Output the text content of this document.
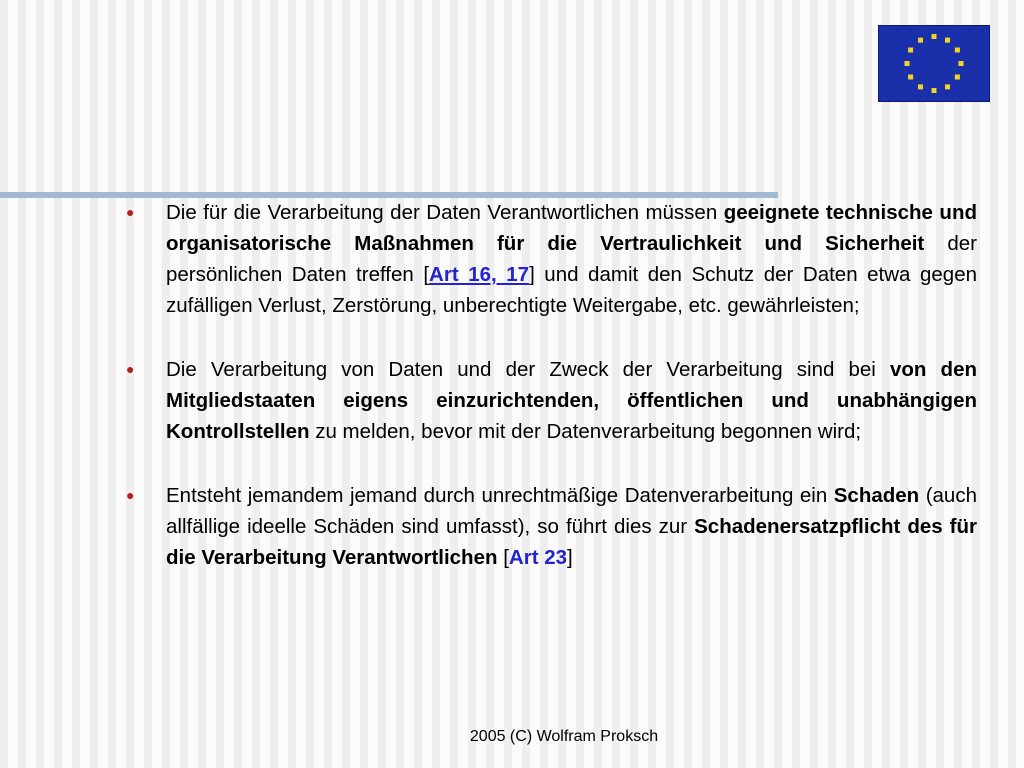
● Die für die Verarbeitung der Daten Verantwortlichen müssen geeignete technische und organisatorische Maßnahmen für die Vertraulichkeit und Sicherheit der persönlichen Daten treffen [Art 16, 17] und damit den Schutz der Daten etwa gegen zufälligen Verlust, Zerstörung, unberechtigte Weitergabe, etc. gewährleisten;
● Die Verarbeitung von Daten und der Zweck der Verarbeitung sind bei von den Mitgliedstaaten eigens einzurichtenden, öffentlichen und unabhängigen Kontrollstellen zu melden, bevor mit der Datenverarbeitung begonnen wird;
● Entsteht jemandem jemand durch unrechtmäßige Datenverarbeitung ein Schaden (auch allfällige ideelle Schäden sind umfasst), so führt dies zur Schadenersatzpflicht des für die Verarbeitung Verantwortlichen [Art 23]
2005 (C) Wolfram Proksch
